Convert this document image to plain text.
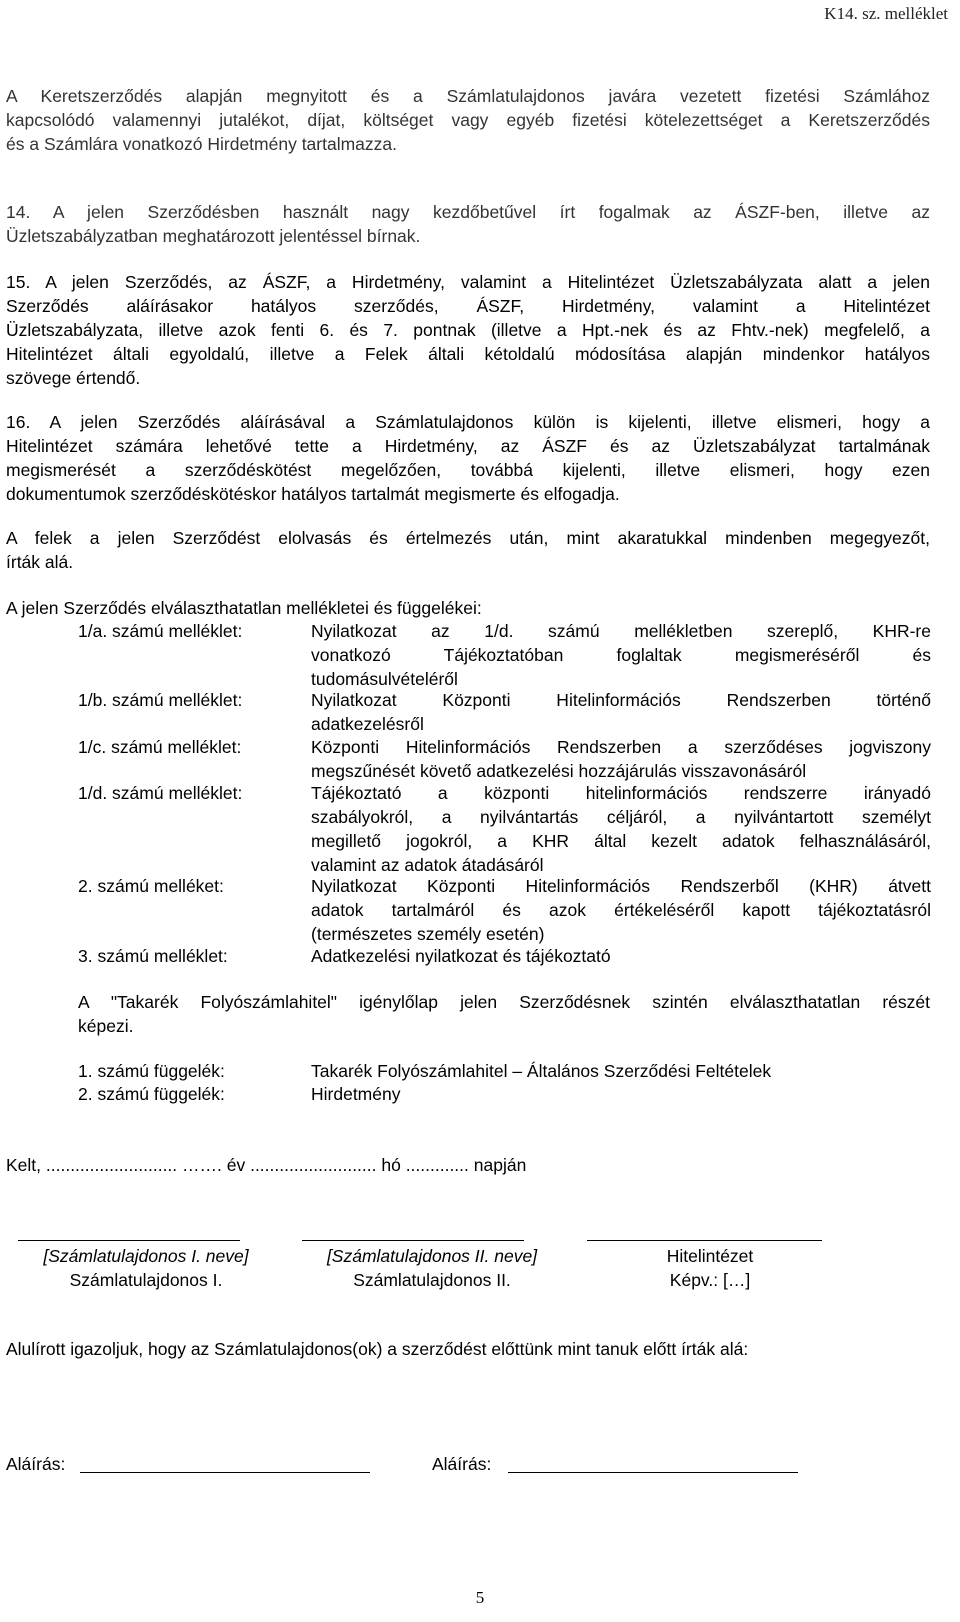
K14. sz. melléklet
A Keretszerződés alapján megnyitott és a Számlatulajdonos javára vezetett fizetési Számlához
kapcsolódó valamennyi jutalékot, díjat, költséget vagy egyéb fizetési kötelezettséget a Keretszerződés
és a Számlára vonatkozó Hirdetmény tartalmazza.
14. A jelen Szerződésben használt nagy kezdőbetűvel írt fogalmak az ÁSZF-ben, illetve az
Üzletszabályzatban meghatározott jelentéssel bírnak.
15. A jelen Szerződés, az ÁSZF, a Hirdetmény, valamint a Hitelintézet Üzletszabályzata alatt a jelen
Szerződés aláírásakor hatályos szerződés, ÁSZF, Hirdetmény, valamint a Hitelintézet
Üzletszabályzata, illetve azok fenti 6. és 7. pontnak (illetve a Hpt.-nek és az Fhtv.-nek) megfelelő, a
Hitelintézet általi egyoldalú, illetve a Felek általi kétoldalú módosítása alapján mindenkor hatályos
szövege értendő.
16. A jelen Szerződés aláírásával a Számlatulajdonos külön is kijelenti, illetve elismeri, hogy a
Hitelintézet számára lehetővé tette a Hirdetmény, az ÁSZF és az Üzletszabályzat tartalmának
megismerését a szerződéskötést megelőzően, továbbá kijelenti, illetve elismeri, hogy ezen
dokumentumok szerződéskötéskor hatályos tartalmát megismerte és elfogadja.
A felek a jelen Szerződést elolvasás és értelmezés után, mint akaratukkal mindenben megegyezőt,
írták alá.
A jelen Szerződés elválaszthatatlan mellékletei és függelékei:
1/a. számú melléklet:	Nyilatkozat az 1/d. számú mellékletben szereplő, KHR-re
vonatkozó Tájékoztatóban foglaltak megismeréséről és
tudomásulvételéről
1/b. számú melléklet:	Nyilatkozat Központi Hitelinformációs Rendszerben történő
adatkezelésről
1/c. számú melléklet:	Központi Hitelinformációs Rendszerben a szerződéses jogviszony
megszűnését követő adatkezelési hozzájárulás visszavonásáról
1/d. számú melléklet:	Tájékoztató a központi hitelinformációs rendszerre irányadó
szabályokról, a nyilvántartás céljáról, a nyilvántartott személyt
megillető jogokról, a KHR által kezelt adatok felhasználásáról,
valamint az adatok átadásáról
2. számú melléket:	Nyilatkozat Központi Hitelinformációs Rendszerből (KHR) átvett
adatok tartalmáról és azok értékeléséről kapott tájékoztatásról
(természetes személy esetén)
3. számú melléklet:	Adatkezelési nyilatkozat és tájékoztató
A "Takarék Folyószámlahitel" igénylőlap jelen Szerződésnek szintén elválaszthatatlan részét
képezi.
1. számú függelék:	Takarék Folyószámlahitel – Általános Szerződési Feltételek
2. számú függelék:	Hirdetmény
Kelt, ........................... ……. év .......................... hó ............. napján
[Számlatulajdonos I. neve]
Számlatulajdonos I.
[Számlatulajdonos II. neve]
Számlatulajdonos II.
Hitelintézet
Képv.: […]
Alulírott igazoljuk, hogy az Számlatulajdonos(ok) a szerződést előttünk mint tanuk előtt írták alá:
Aláírás:	Aláírás:
5
